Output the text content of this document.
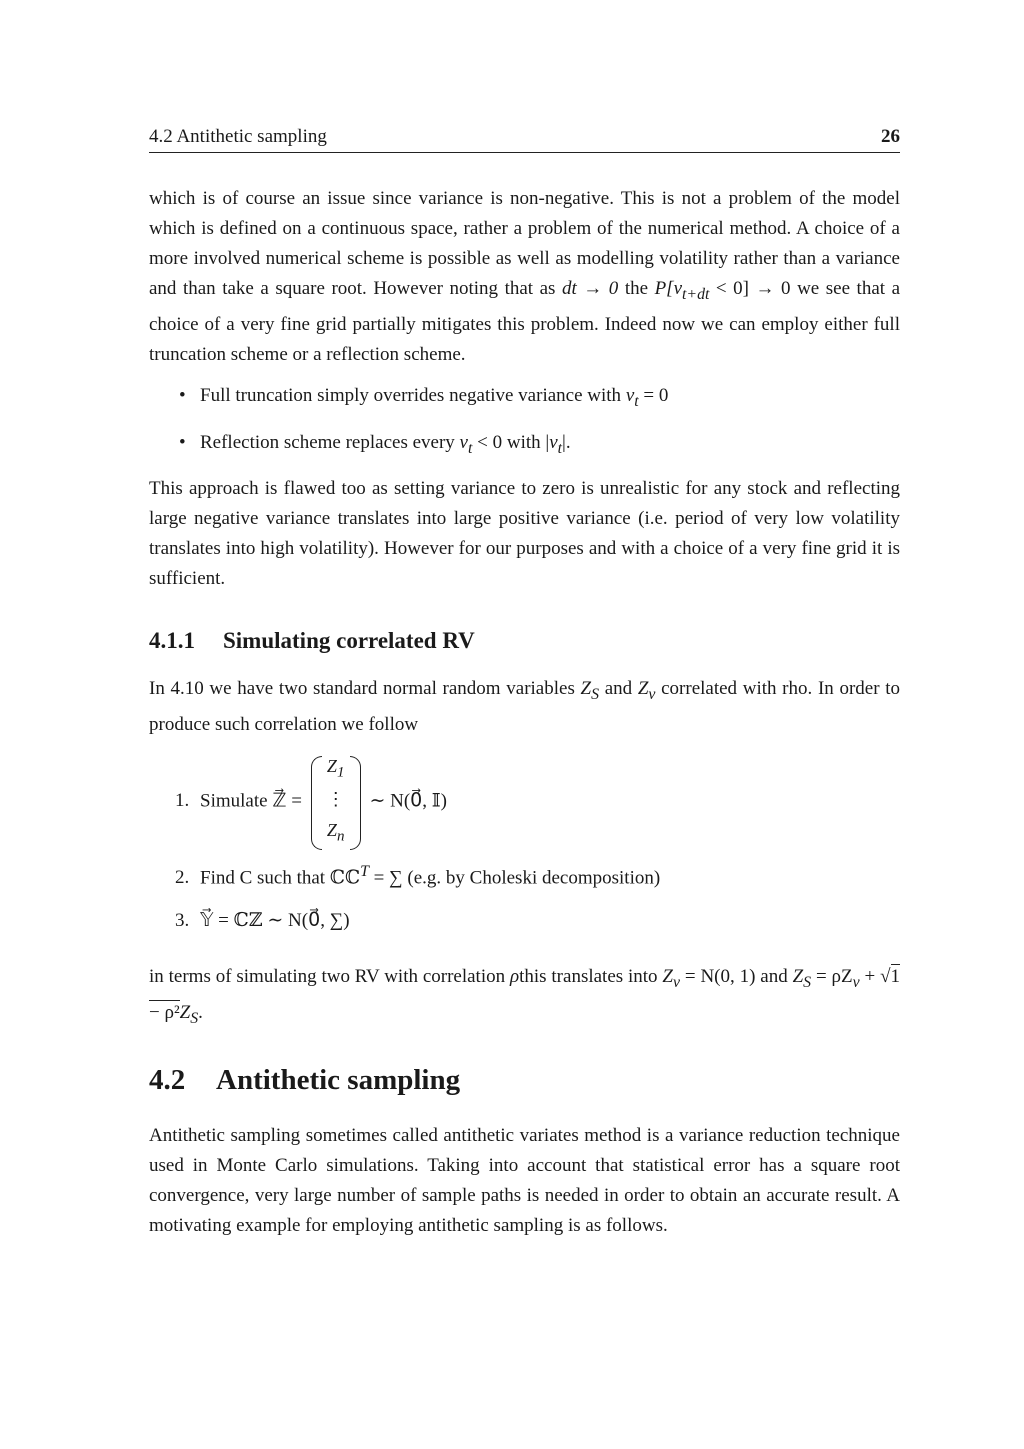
4.2 Antithetic sampling	26

which is of course an issue since variance is non-negative. This is not a problem of the model which is defined on a continuous space, rather a problem of the numerical method. A choice of a more involved numerical scheme is possible as well as modelling volatility rather than a variance and than take a square root. However noting that as dt → 0 the $P[v_{t+dt} < 0] \to 0$ we see that a choice of a very fine grid partially mitigates this problem. Indeed now we can employ either full truncation scheme or a reflection scheme.

• Full truncation simply overrides negative variance with $v_t = 0$
• Reflection scheme replaces every $v_t < 0$ with $|v_t|$.

This approach is flawed too as setting variance to zero is unrealistic for any stock and reflecting large negative variance translates into large positive variance (i.e. period of very low volatility translates into high volatility). However for our purposes and with a choice of a very fine grid it is sufficient.

4.1.1 Simulating correlated RV

In 4.10 we have two standard normal random variables $Z_S$ and $Z_v$ correlated with rho. In order to produce such correlation we follow

1. Simulate ℤ⃗ =
$Z_1$
⋮
$Z_n$
∼ N(0⃗, 𝕀)
2. Find C such that ℂℂ$^T$ = ∑ (e.g. by Choleski decomposition)
3. 𝕐⃗ = ℂℤ ∼ N(0⃗, ∑)

in terms of simulating two RV with correlation ρthis translates into $Z_v = N(0$, 1) and $Z_S = \rho Z_v + √1 - \rho^2Z_S$.

4.2 Antithetic sampling

Antithetic sampling sometimes called antithetic variates method is a variance reduction technique used in Monte Carlo simulations. Taking into account that statistical error has a square root convergence, very large number of sample paths is needed in order to obtain an accurate result. A motivating example for employing antithetic sampling is as follows.
